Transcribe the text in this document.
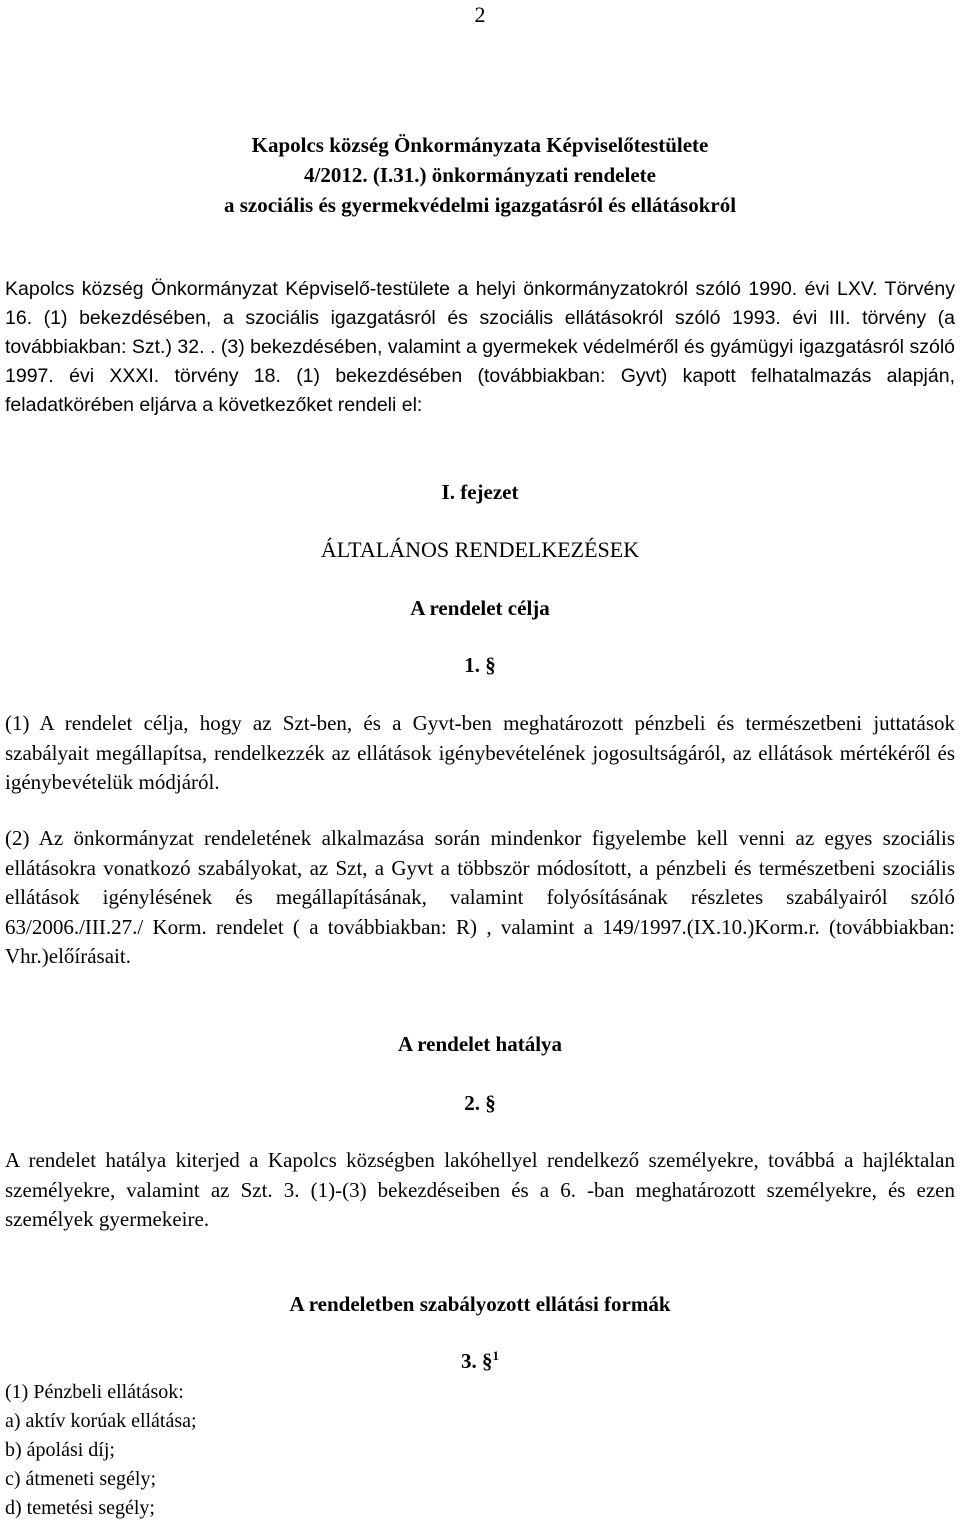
2
Kapolcs község Önkormányzata Képviselőtestülete
4/2012. (I.31.) önkormányzati rendelete
a szociális és gyermekvédelmi igazgatásról és ellátásokról

Kapolcs község Önkormányzat Képviselő-testülete a helyi önkormányzatokról szóló 1990. évi LXV. Törvény 16. (1) bekezdésében, a szociális igazgatásról és szociális ellátásokról szóló 1993. évi III. törvény (a továbbiakban: Szt.) 32. . (3) bekezdésében, valamint a gyermekek védelméről és gyámügyi igazgatásról szóló 1997. évi XXXI. törvény 18. (1) bekezdésében (továbbiakban: Gyvt) kapott felhatalmazás alapján, feladatkörében eljárva a következőket rendeli el:

I. fejezet
ÁLTALÁNOS RENDELKEZÉSEK
A rendelet célja
1. §

(1) A rendelet célja, hogy az Szt-ben, és a Gyvt-ben meghatározott pénzbeli és természetbeni juttatások szabályait megállapítsa, rendelkezzék az ellátások igénybevételének jogosultságáról, az ellátások mértékéről és igénybevételük módjáról.

(2) Az önkormányzat rendeletének alkalmazása során mindenkor figyelembe kell venni az egyes szociális ellátásokra vonatkozó szabályokat, az Szt, a Gyvt a többször módosított, a pénzbeli és természetbeni szociális ellátások igénylésének és megállapításának, valamint folyósításának részletes szabályairól szóló 63/2006./III.27./ Korm. rendelet ( a továbbiakban: R) , valamint a 149/1997.(IX.10.)Korm.r. (továbbiakban: Vhr.)előírásait.

A rendelet hatálya
2. §

A rendelet hatálya kiterjed a Kapolcs községben lakóhellyel rendelkező személyekre, továbbá a hajléktalan személyekre, valamint az Szt. 3. (1)-(3) bekezdéseiben és a 6. -ban meghatározott személyekre, és ezen személyek gyermekeire.

A rendeletben szabályozott ellátási formák
3. §$^1$
(1) Pénzbeli ellátások:
a) aktív korúak ellátása;
b) ápolási díj;
c) átmeneti segély;
d) temetési segély;
